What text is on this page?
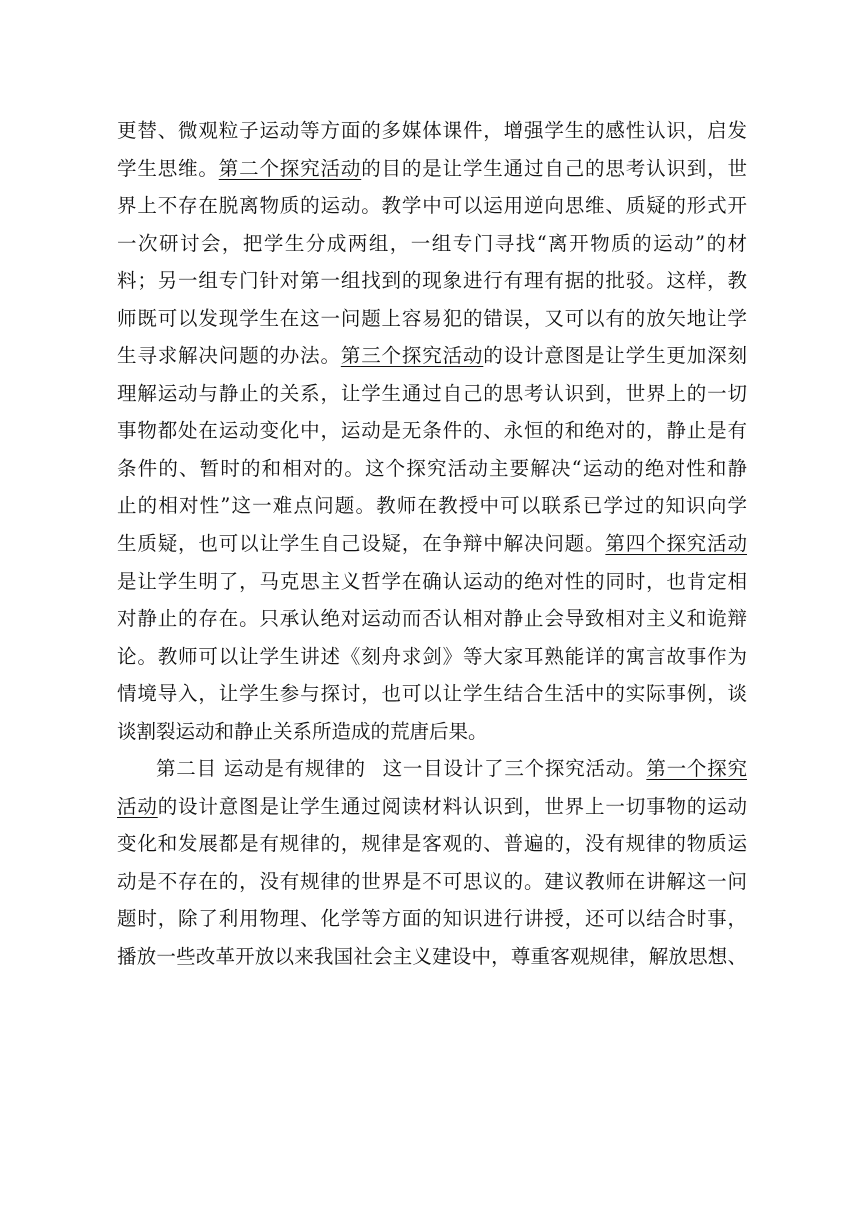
更替、微观粒子运动等方面的多媒体课件，增强学生的感性认识，启发
学生思维。第二个探究活动的目的是让学生通过自己的思考认识到，世
界上不存在脱离物质的运动。教学中可以运用逆向思维、质疑的形式开
一次研讨会，把学生分成两组，一组专门寻找“离开物质的运动”的材
料；另一组专门针对第一组找到的现象进行有理有据的批驳。这样，教
师既可以发现学生在这一问题上容易犯的错误，又可以有的放矢地让学
生寻求解决问题的办法。第三个探究活动的设计意图是让学生更加深刻
理解运动与静止的关系，让学生通过自己的思考认识到，世界上的一切
事物都处在运动变化中，运动是无条件的、永恒的和绝对的，静止是有
条件的、暂时的和相对的。这个探究活动主要解决“运动的绝对性和静
止的相对性”这一难点问题。教师在教授中可以联系已学过的知识向学
生质疑，也可以让学生自己设疑，在争辩中解决问题。第四个探究活动
是让学生明了，马克思主义哲学在确认运动的绝对性的同时，也肯定相
对静止的存在。只承认绝对运动而否认相对静止会导致相对主义和诡辩
论。教师可以让学生讲述《刻舟求剑》等大家耳熟能详的寓言故事作为
情境导入，让学生参与探讨，也可以让学生结合生活中的实际事例，谈
谈割裂运动和静止关系所造成的荒唐后果。
第二目 运动是有规律的 这一目设计了三个探究活动。第一个探究
活动的设计意图是让学生通过阅读材料认识到，世界上一切事物的运动
变化和发展都是有规律的，规律是客观的、普遍的，没有规律的物质运
动是不存在的，没有规律的世界是不可思议的。建议教师在讲解这一问
题时，除了利用物理、化学等方面的知识进行讲授，还可以结合时事，
播放一些改革开放以来我国社会主义建设中，尊重客观规律，解放思想、
